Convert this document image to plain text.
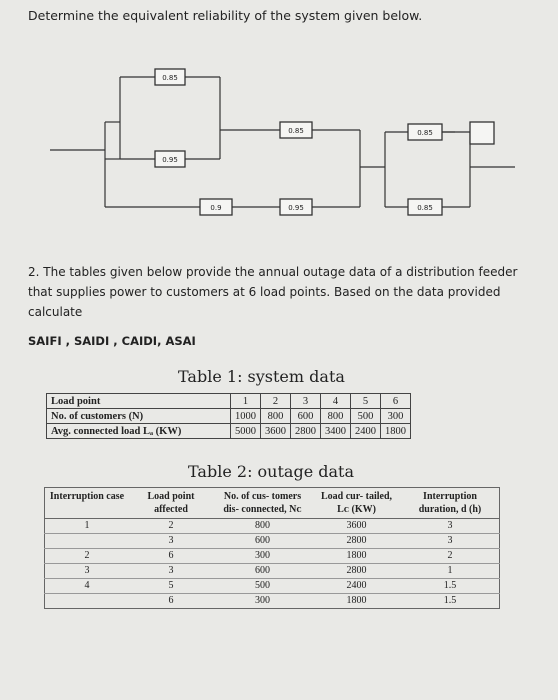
Determine the equivalent reliability of the system given below.
0.85
0.95
0.85
0.9	0.95
0.85
0.85
2. The tables given below provide the annual outage data of a distribution feeder that supplies power to customers at 6 load points. Based on the data provided calculate
SAIFI , SAIDI , CAIDI, ASAI
Table 1: system data
Load point	1	2	3	4	5	6
No. of customers (N)	1000	800	600	800	500	300
Avg. connected load Lₐ (KW)	5000	3600	2800	3400	2400	1800
Table 2: outage data
Interruption case	Load point affected	No. of cus- tomers dis- connected, Nᴄ	Load cur- tailed, Lᴄ (KW)	Interruption duration, d (h)
1	2	800	3600	3
	3	600	2800	3
2	6	300	1800	2
3	3	600	2800	1
4	5	500	2400	1.5
	6	300	1800	1.5
